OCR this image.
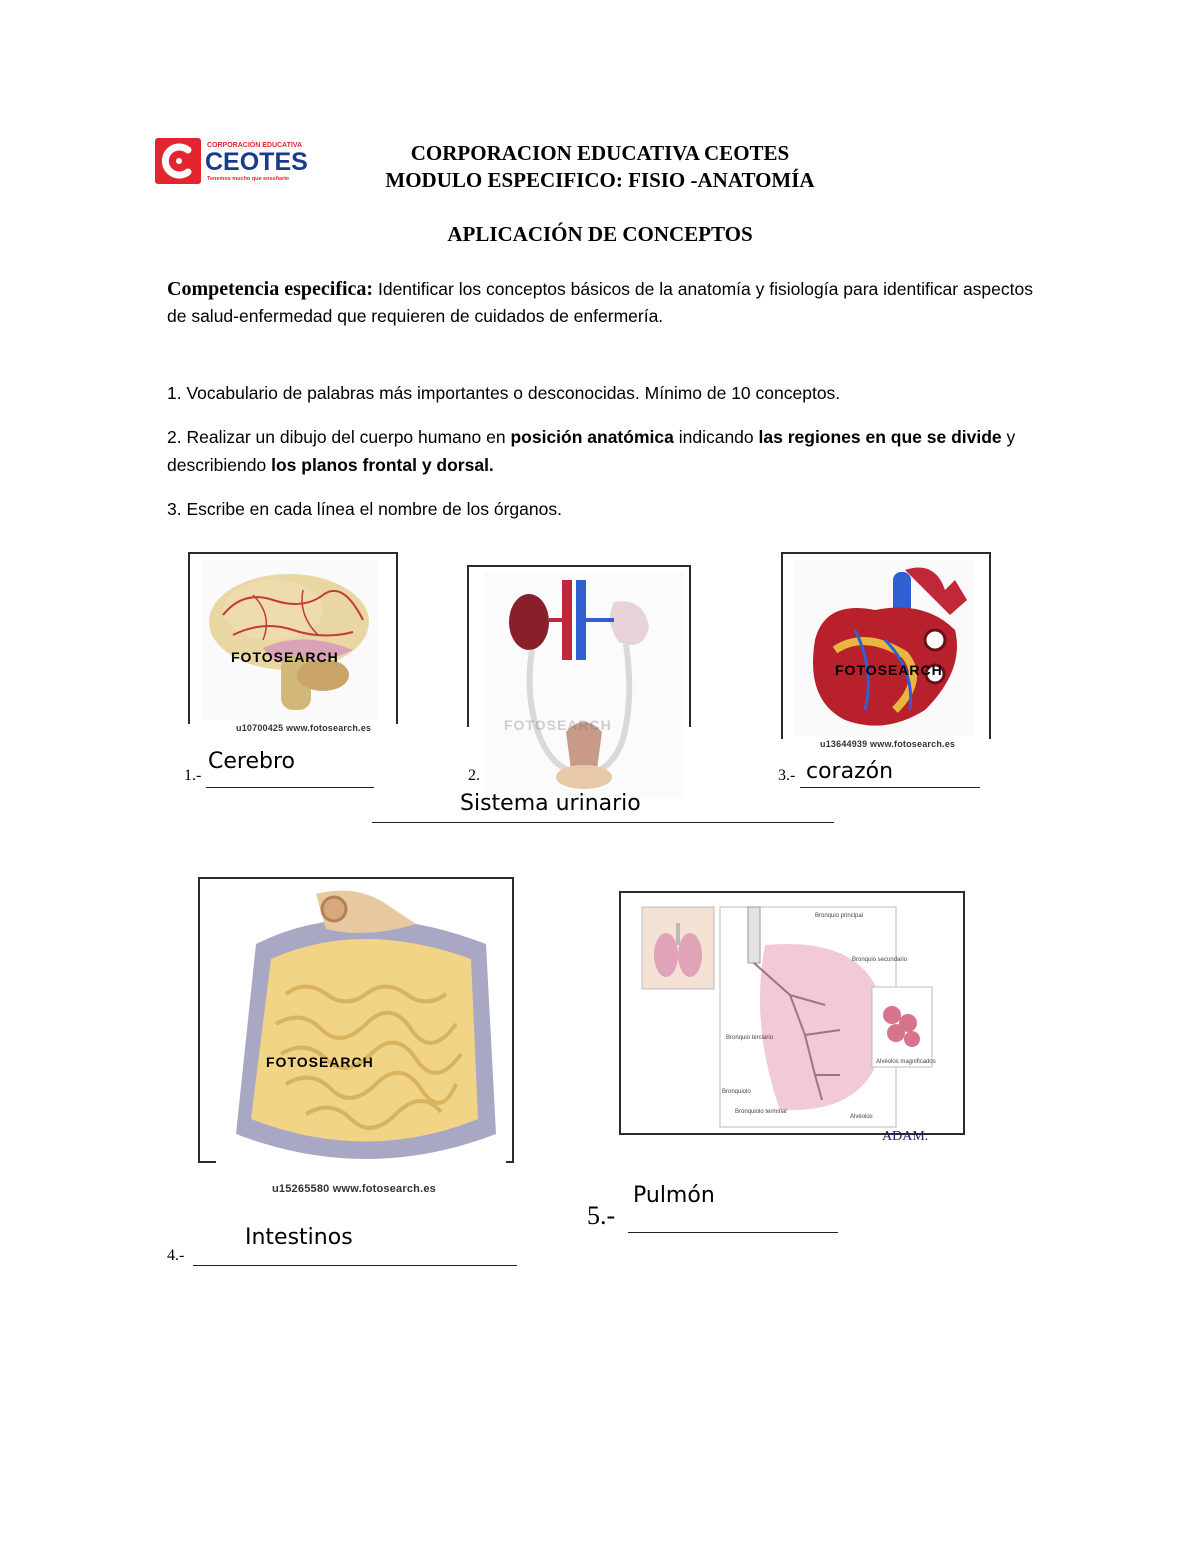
CORPORACIÓN EDUCATIVA
CEOTES
Tenemos mucho que enseñarte
CORPORACION EDUCATIVA CEOTES
MODULO ESPECIFICO: FISIO -ANATOMÍA
APLICACIÓN DE CONCEPTOS
Competencia especifica: Identificar los conceptos básicos de la anatomía y fisiología para identificar aspectos de salud-enfermedad que requieren de cuidados de enfermería.
1. Vocabulario de palabras más importantes o desconocidas. Mínimo de 10 conceptos.
2. Realizar un dibujo del cuerpo humano en posición anatómica indicando las regiones en que se divide y describiendo los planos frontal y dorsal.
3. Escribe en cada línea el nombre de los órganos.
FOTOSEARCH
u10700425 www.fotosearch.es
1.-
Cerebro
FOTOSEARCH
2.
Sistema urinario
FOTOSEARCH
u13644939 www.fotosearch.es
3.- corazón
FOTOSEARCH
u15265580 www.fotosearch.es
4.-
Intestinos
Bronquio principal
Bronquio secundario
Bronquio terciario
Bronquiolo
Bronquiolo terminal
Alvéolos
Alvéolos magnificados
ADAM.
5.-
Pulmón
